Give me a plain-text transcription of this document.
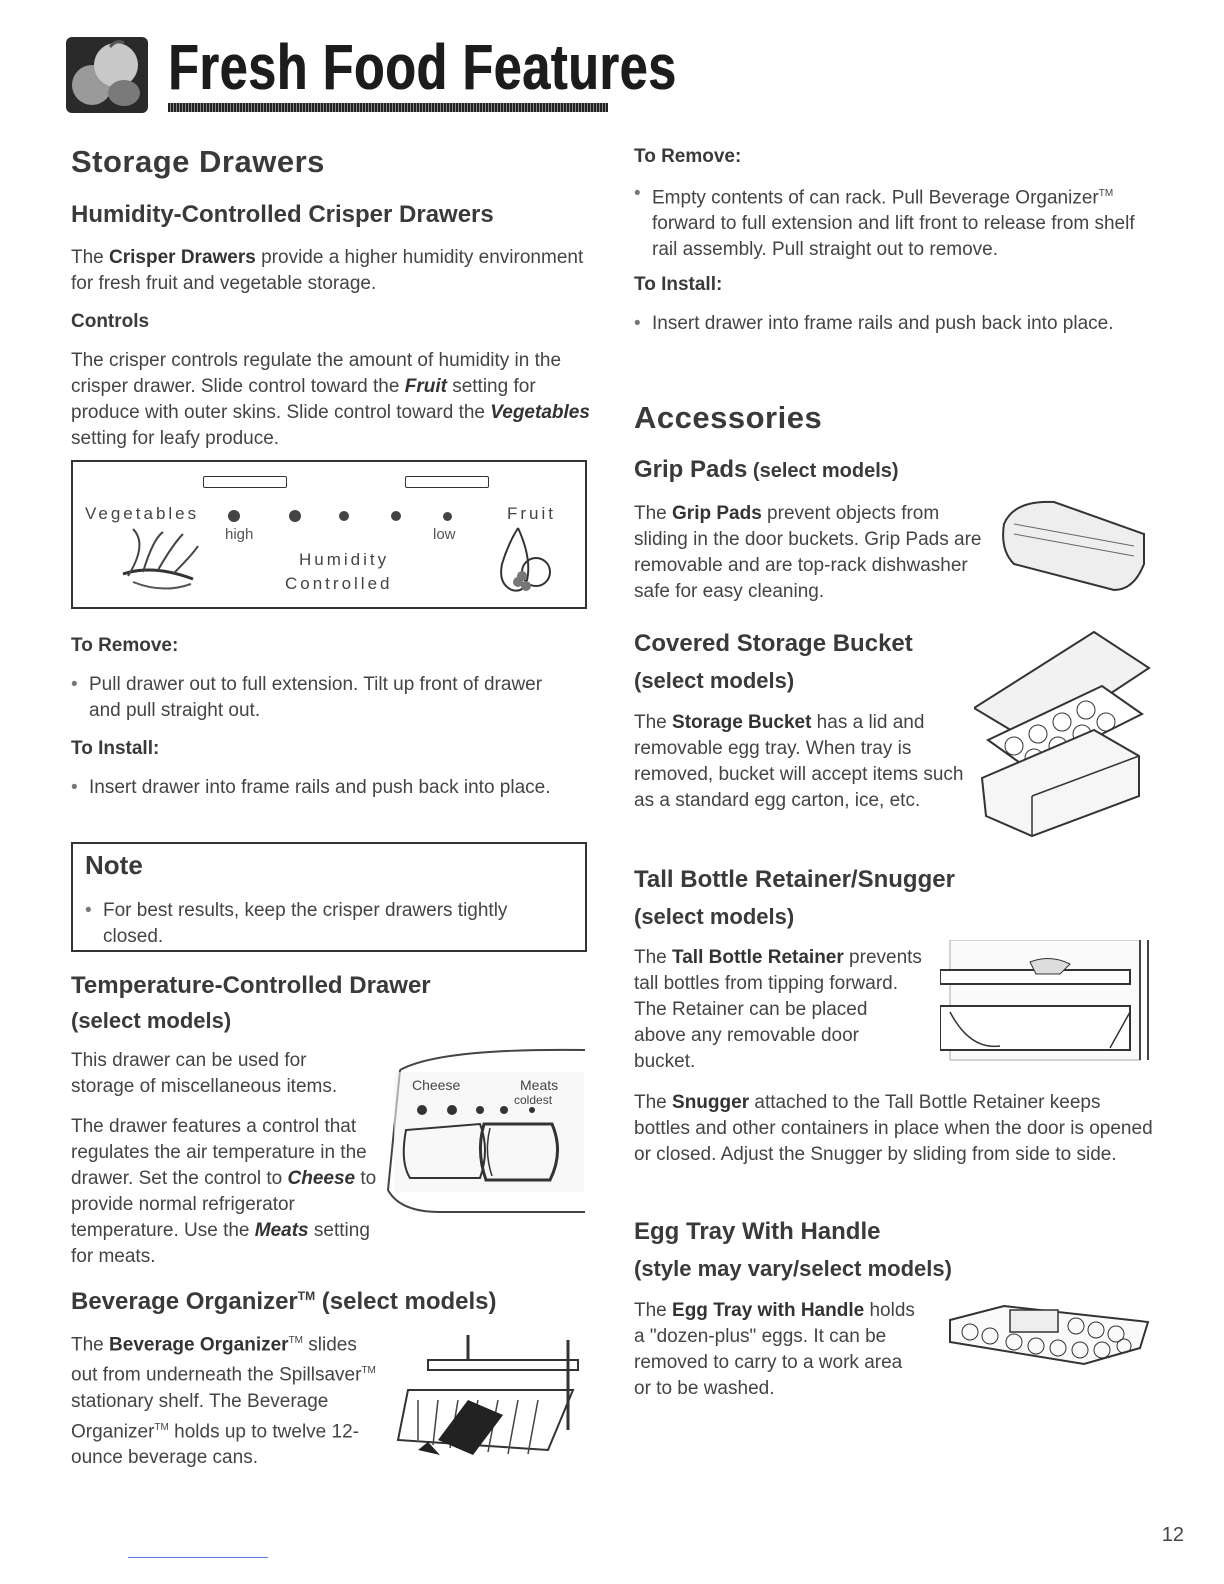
Fresh Food Features
Storage Drawers
Humidity-Controlled Crisper Drawers
The Crisper Drawers provide a higher humidity environment for fresh fruit and vegetable storage.
Controls
The crisper controls regulate the amount of humidity in the crisper drawer. Slide control toward the Fruit setting for produce with outer skins. Slide control toward the Vegetables setting for leafy produce.
Vegetables	Fruit
high	low
Humidity
Controlled
To Remove:
• Pull drawer out to full extension. Tilt up front of drawer and pull straight out.
To Install:
• Insert drawer into frame rails and push back into place.
Note
• For best results, keep the crisper drawers tightly closed.
Temperature-Controlled Drawer
(select models)
This drawer can be used for storage of miscellaneous items.
The drawer features a control that regulates the air temperature in the drawer. Set the control to Cheese to provide normal refrigerator temperature. Use the Meats setting for meats.
Cheese	Meats
coldest
Beverage Organizer™ (select models)
The Beverage Organizer™ slides out from underneath the Spillsaver™ stationary shelf. The Beverage Organizer™ holds up to twelve 12-ounce beverage cans.
To Remove:
• Empty contents of can rack. Pull Beverage Organizer™ forward to full extension and lift front to release from shelf rail assembly. Pull straight out to remove.
To Install:
• Insert drawer into frame rails and push back into place.
Accessories
Grip Pads (select models)
The Grip Pads prevent objects from sliding in the door buckets. Grip Pads are removable and are top-rack dishwasher safe for easy cleaning.
Covered Storage Bucket
(select models)
The Storage Bucket has a lid and removable egg tray. When tray is removed, bucket will accept items such as a standard egg carton, ice, etc.
Tall Bottle Retainer/Snugger
(select models)
The Tall Bottle Retainer prevents tall bottles from tipping forward. The Retainer can be placed above any removable door bucket.
The Snugger attached to the Tall Bottle Retainer keeps bottles and other containers in place when the door is opened or closed. Adjust the Snugger by sliding from side to side.
Egg Tray With Handle
(style may vary/select models)
The Egg Tray with Handle holds a "dozen-plus" eggs. It can be removed to carry to a work area or to be washed.
12
